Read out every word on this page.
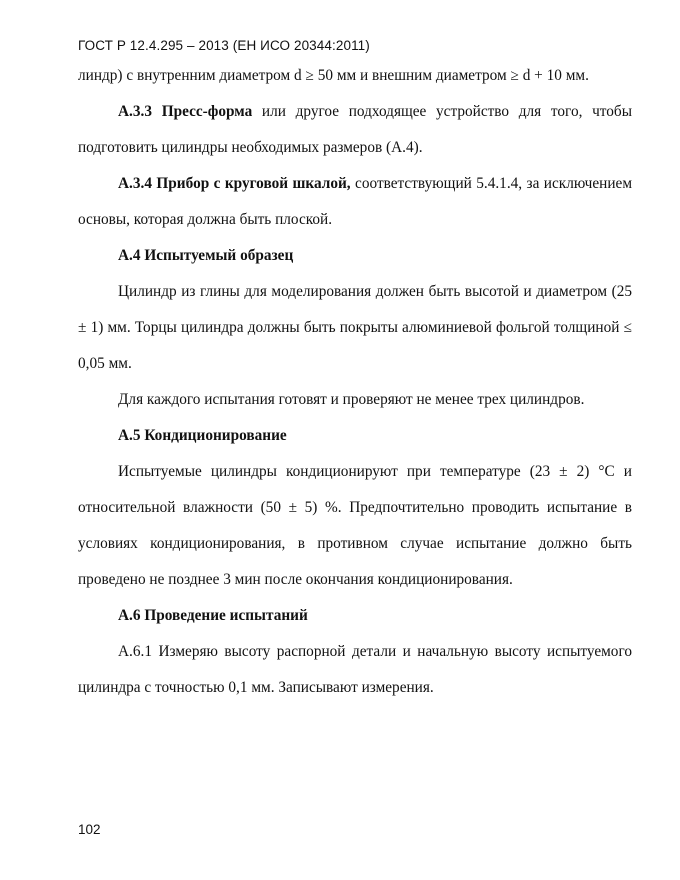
ГОСТ Р 12.4.295 – 2013 (ЕН ИСО 20344:2011)

линдр) с внутренним диаметром d ≥ 50 мм и внешним диаметром ≥ d + 10 мм.

А.3.3 Пресс-форма или другое подходящее устройство для того, чтобы подготовить цилиндры необходимых размеров (А.4).

А.3.4 Прибор с круговой шкалой, соответствующий 5.4.1.4, за исключением основы, которая должна быть плоской.

А.4 Испытуемый образец

Цилиндр из глины для моделирования должен быть высотой и диаметром (25 ± 1) мм. Торцы цилиндра должны быть покрыты алюминиевой фольгой толщиной ≤ 0,05 мм.

Для каждого испытания готовят и проверяют не менее трех цилиндров.

А.5 Кондиционирование

Испытуемые цилиндры кондиционируют при температуре (23 ± 2) °С и относительной влажности (50 ± 5) %. Предпочтительно проводить испытание в условиях кондиционирования, в противном случае испытание должно быть проведено не позднее 3 мин после окончания кондиционирования.

А.6 Проведение испытаний

А.6.1 Измеряю высоту распорной детали и начальную высоту испытуемого цилиндра с точностью 0,1 мм. Записывают измерения.

102
